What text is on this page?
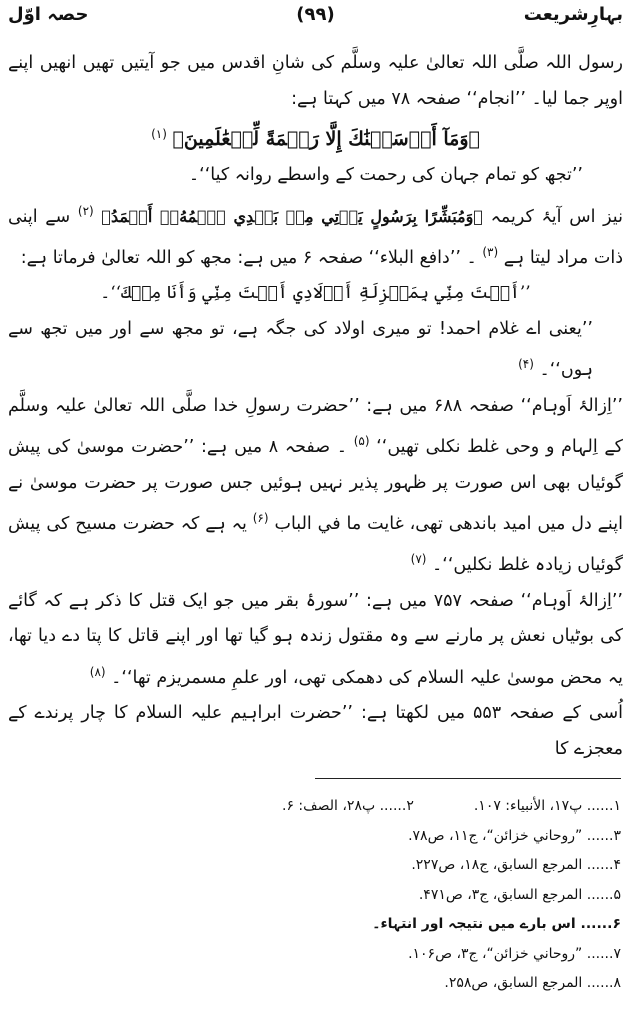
بہارِشریعت
(۹۹)
حصہ اوّل

رسول اللہ صلَّی اللہ تعالیٰ علیہ وسلَّم کی شانِ اقدس میں جو آیتیں تھیں انھیں اپنے اوپر جما لیا۔ ’’انجام‘‘ صفحہ ۷۸ میں کہتا ہے:

﴿وَمَآ أَرۡسَلۡنَٰكَ إِلَّا رَحۡمَةً لِّلۡعَٰلَمِينَ﴾ $^{(۱)}$

’’تجھ کو تمام جہان کی رحمت کے واسطے روانہ کیا‘‘۔

نیز اس آیۂ کریمہ ﴿وَمُبَشِّرًا بِرَسُولٍ يَأۡتِي مِنۢ بَعۡدِي ٱسۡمُهُۥٓ أَحۡمَدُ﴾ $^{(۲)}$ سے اپنی ذات مراد لیتا ہے $^{(۳)}$ ۔ ’’دافع البلاء‘‘ صفحہ ۶ میں ہے: مجھ کو اللہ تعالیٰ فرماتا ہے:

’’أَنۡتَ مِنِّي بِمَنۡزِلَةِ أَوۡلَادِي أَنۡتَ مِنِّي وَأَنَا مِنۡكَ‘‘۔

’’یعنی اے غلام احمد! تو میری اولاد کی جگہ ہے، تو مجھ سے اور میں تجھ سے ہوں‘‘۔ $^{(۴)}$

’’اِزالۂ اَوہام‘‘ صفحہ ۶۸۸ میں ہے: ’’حضرت رسولِ خدا صلَّی اللہ تعالیٰ علیہ وسلَّم کے اِلہام و وحی غلط نکلی تھیں‘‘ $^{(۵)}$ ۔ صفحہ ۸ میں ہے: ’’حضرت موسیٰ کی پیش گوئیاں بھی اس صورت پر ظہور پذیر نہیں ہوئیں جس صورت پر حضرت موسیٰ نے اپنے دل میں امید باندھی تھی، غایت ما في الباب $^{(۶)}$ یہ ہے کہ حضرت مسیح کی پیش گوئیاں زیادہ غلط نکلیں‘‘۔ $^{(۷)}$

’’اِزالۂ اَوہام‘‘ صفحہ ۷۵۷ میں ہے: ’’سورۂ بقر میں جو ایک قتل کا ذکر ہے کہ گائے کی بوٹیاں نعش پر مارنے سے وہ مقتول زندہ ہو گیا تھا اور اپنے قاتل کا پتا دے دیا تھا، یہ محض موسیٰ علیہ السلام کی دھمکی تھی، اور علمِ مسمریزم تھا‘‘۔ $^{(۸)}$

اُسی کے صفحہ ۵۵۳ میں لکھتا ہے: ’’حضرت ابراہیم علیہ السلام کا چار پرندے کے معجزے کا

۱...... پ۱۷، الأنبياء: ۱۰۷.
۲...... پ۲۸، الصف: ۶.
۳...... ”روحاني خزائن“، ج۱۱، ص۷۸.
۴...... المرجع السابق، ج۱۸، ص۲۲۷.
۵...... المرجع السابق، ج۳، ص۴۷۱.
۶...... اس بارے میں نتیجہ اور انتہاء۔
۷...... ”روحاني خزائن“، ج۳، ص۱۰۶.
۸...... المرجع السابق، ص۲۵۸.
